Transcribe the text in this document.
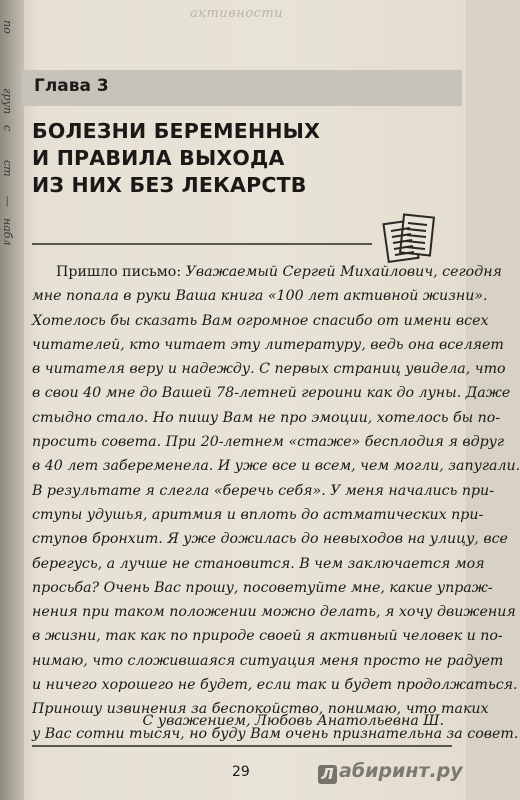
по
груп
с
ст
—
набл
активности
Глава 3
БОЛЕЗНИ БЕРЕМЕННЫХ
И ПРАВИЛА ВЫХОДА
ИЗ НИХ БЕЗ ЛЕКАРСТВ
Пришло письмо: Уважаемый Сергей Михайлович, сегодня
мне попала в руки Ваша книга «100 лет активной жизни».
Хотелось бы сказать Вам огромное спасибо от имени всех
читателей, кто читает эту литературу, ведь она вселяет
в читателя веру и надежду. С первых страниц увидела, что
в свои 40 мне до Вашей 78-летней героини как до луны. Даже
стыдно стало. Но пишу Вам не про эмоции, хотелось бы по-
просить совета. При 20-летнем «стаже» бесплодия я вдруг
в 40 лет забеременела. И уже все и всем, чем могли, запугали.
В результате я слегла «беречь себя». У меня начались при-
ступы удушья, аритмия и вплоть до астматических при-
ступов бронхит. Я уже дожилась до невыходов на улицу, все
берегусь, а лучше не становится. В чем заключается моя
просьба? Очень Вас прошу, посоветуйте мне, какие упраж-
нения при таком положении можно делать, я хочу движения
в жизни, так как по природе своей я активный человек и по-
нимаю, что сложившаяся ситуация меня просто не радует
и ничего хорошего не будет, если так и будет продолжаться.
Приношу извинения за беспокойство, понимаю, что таких
у Вас сотни тысяч, но буду Вам очень признательна за совет.
С уважением, Любовь Анатольевна Ш.
29	Л абиринт.ру
